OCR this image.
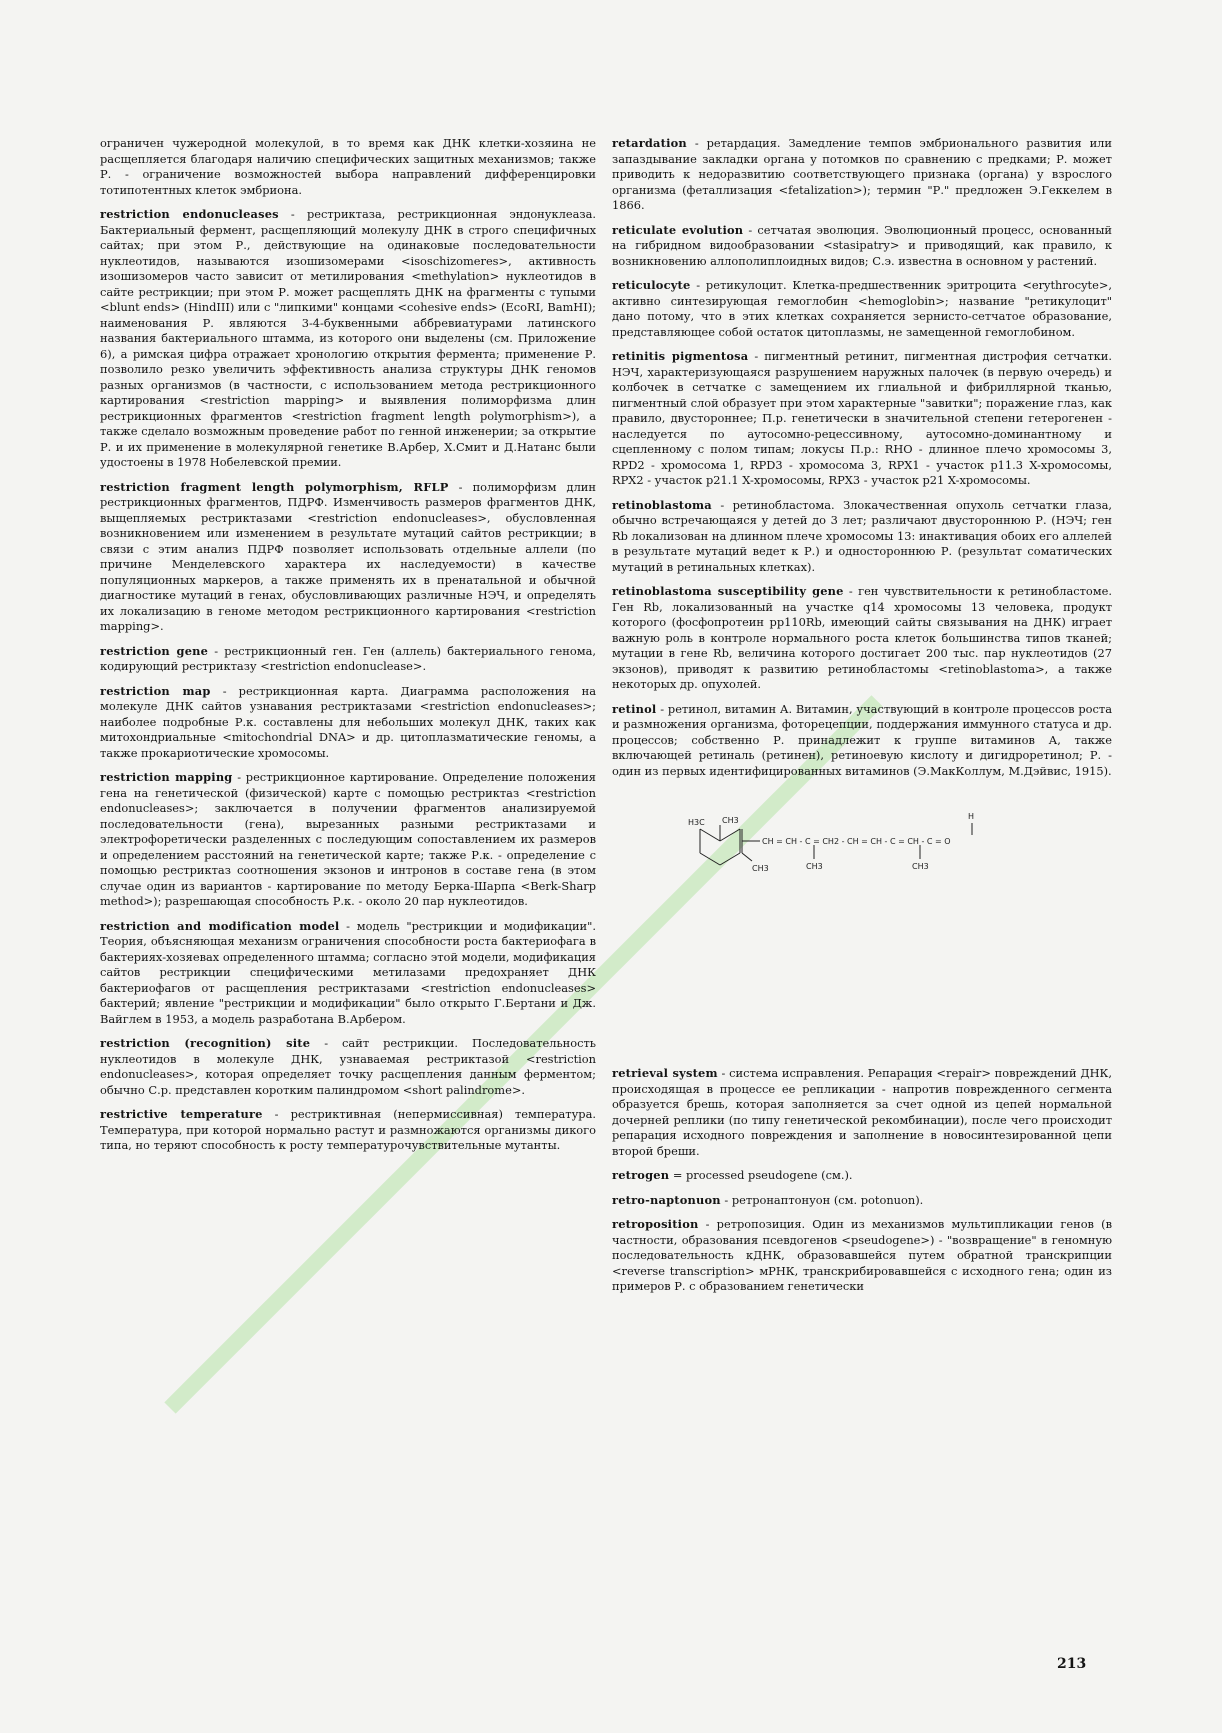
ограничен чужеродной молекулой, в то время как ДНК клетки-хозяина не расщепляется благодаря наличию специфических защитных механизмов; также Р. - ограничение возможностей выбора направлений дифференцировки тотипотентных клеток эмбриона.

restriction endonucleases - рестриктаза, рестрикционная эндонуклеаза. Бактериальный фермент, расщепляющий молекулу ДНК в строго специфичных сайтах; при этом Р., действующие на одинаковые последовательности нуклеотидов, называются изошизомерами <isoschizomeres>, активность изошизомеров часто зависит от метилирования <methylation> нуклеотидов в сайте рестрикции; при этом Р. может расщеплять ДНК на фрагменты с тупыми <blunt ends> (HindIII) или с "липкими" концами <cohesive ends> (EcoRI, BamHI); наименования Р. являются 3-4-буквенными аббревиатурами латинского названия бактериального штамма, из которого они выделены (см. Приложение 6), а римская цифра отражает хронологию открытия фермента; применение Р. позволило резко увеличить эффективность анализа структуры ДНК геномов разных организмов (в частности, с использованием метода рестрикционного картирования <restriction mapping> и выявления полиморфизма длин рестрикционных фрагментов <restriction fragment length polymorphism>), а также сделало возможным проведение работ по генной инженерии; за открытие Р. и их применение в молекулярной генетике В.Арбер, Х.Смит и Д.Натанс были удостоены в 1978 Нобелевской премии.

restriction fragment length polymorphism, RFLP - полиморфизм длин рестрикционных фрагментов, ПДРФ. Изменчивость размеров фрагментов ДНК, выщепляемых рестриктазами <restriction endonucleases>, обусловленная возникновением или изменением в результате мутаций сайтов рестрикции; в связи с этим анализ ПДРФ позволяет использовать отдельные аллели (по причине Менделевского характера их наследуемости) в качестве популяционных маркеров, а также применять их в пренатальной и обычной диагностике мутаций в генах, обусловливающих различные НЭЧ, и определять их локализацию в геноме методом рестрикционного картирования <restriction mapping>.

restriction gene - рестрикционный ген. Ген (аллель) бактериального генома, кодирующий рестриктазу <restriction endonuclease>.

restriction map - рестрикционная карта. Диаграмма расположения на молекуле ДНК сайтов узнавания рестриктазами <restriction endonucleases>; наиболее подробные Р.к. составлены для небольших молекул ДНК, таких как митохондриальные <mitochondrial DNA> и др. цитоплазматические геномы, а также прокариотические хромосомы.

restriction mapping - рестрикционное картирование. Определение положения гена на генетической (физической) карте с помощью рестриктаз <restriction endonucleases>; заключается в получении фрагментов анализируемой последовательности (гена), вырезанных разными рестриктазами и электрофоретически разделенных с последующим сопоставлением их размеров и определением расстояний на генетической карте; также Р.к. - определение с помощью рестриктаз соотношения экзонов и интронов в составе гена (в этом случае один из вариантов - картирование по методу Берка-Шарпа <Berk-Sharp method>); разрешающая способность Р.к. - около 20 пар нуклеотидов.

restriction and modification model - модель "рестрикции и модификации". Теория, объясняющая механизм ограничения способности роста бактериофага в бактериях-хозяевах определенного штамма; согласно этой модели, модификация сайтов рестрикции специфическими метилазами предохраняет ДНК бактериофагов от расщепления рестриктазами <restriction endonucleases> бактерий; явление "рестрикции и модификации" было открыто Г.Бертани и Дж. Вайглем в 1953, а модель разработана В.Арбером.

restriction (recognition) site - сайт рестрикции. Последовательность нуклеотидов в молекуле ДНК, узнаваемая рестриктазой <restriction endonucleases>, которая определяет точку расщепления данным ферментом; обычно С.р. представлен коротким палиндромом <short palindrome>.

restrictive temperature - рестриктивная (непермиссивная) температура. Температура, при которой нормально растут и размножаются организмы дикого типа, но теряют способность к росту температурочувствительные мутанты.

retardation - ретардация. Замедление темпов эмбрионального развития или запаздывание закладки органа у потомков по сравнению с предками; Р. может приводить к недоразвитию соответствующего признака (органа) у взрослого организма (феталлизация <fetalization>); термин "Р." предложен Э.Геккелем в 1866.

reticulate evolution - сетчатая эволюция. Эволюционный процесс, основанный на гибридном видообразовании <stasipatry> и приводящий, как правило, к возникновению аллополиплоидных видов; С.э. известна в основном у растений.

reticulocyte - ретикулоцит. Клетка-предшественник эритроцита <erythrocyte>, активно синтезирующая гемоглобин <hemoglobin>; название "ретикулоцит" дано потому, что в этих клетках сохраняется зернисто-сетчатое образование, представляющее собой остаток цитоплазмы, не замещенной гемоглобином.

retinitis pigmentosa - пигментный ретинит, пигментная дистрофия сетчатки. НЭЧ, характеризующаяся разрушением наружных палочек (в первую очередь) и колбочек в сетчатке с замещением их глиальной и фибриллярной тканью, пигментный слой образует при этом характерные "завитки"; поражение глаз, как правило, двустороннее; П.р. генетически в значительной степени гетерогенен - наследуется по аутосомно-рецессивному, аутосомно-доминантному и сцепленному с полом типам; локусы П.р.: RHO - длинное плечо хромосомы 3, RPD2 - хромосома 1, RPD3 - хромосома 3, RPX1 - участок p11.3 X-хромосомы, RPX2 - участок p21.1 X-хромосомы, RPX3 - участок p21 X-хромосомы.

retinoblastoma - ретинобластома. Злокачественная опухоль сетчатки глаза, обычно встречающаяся у детей до 3 лет; различают двустороннюю Р. (НЭЧ; ген Rb локализован на длинном плече хромосомы 13: инактивация обоих его аллелей в результате мутаций ведет к Р.) и одностороннюю Р. (результат соматических мутаций в ретинальных клетках).

retinoblastoma susceptibility gene - ген чувствительности к ретинобластоме. Ген Rb, локализованный на участке q14 хромосомы 13 человека, продукт которого (фосфопротеин pp110Rb, имеющий сайты связывания на ДНК) играет важную роль в контроле нормального роста клеток большинства типов тканей; мутации в гене Rb, величина которого достигает 200 тыс. пар нуклеотидов (27 экзонов), приводят к развитию ретинобластомы <retinoblastoma>, а также некоторых др. опухолей.

retinol - ретинол, витамин А. Витамин, участвующий в контроле процессов роста и размножения организма, фоторецепции, поддержания иммунного статуса и др. процессов; собственно Р. принадлежит к группе витаминов А, также включающей ретиналь (ретинен), ретиноевую кислоту и дигидроретинол; Р. - один из первых идентифицированных витаминов (Э.МакКоллум, М.Дэйвис, 1915).

H3C CH3
CH3
CH = CH - C = CH2 - CH = CH - C = CH - C = O
CH3	CH3
H

retrieval system - система исправления. Репарация <repair> повреждений ДНК, происходящая в процессе ее репликации - напротив поврежденного сегмента образуется брешь, которая заполняется за счет одной из цепей нормальной дочерней реплики (по типу генетической рекомбинации), после чего происходит репарация исходного повреждения и заполнение в новосинтезированной цепи второй бреши.

retrogen = processed pseudogene (см.).

retro-naptonuon - ретронаптонуон (см. potonuon).

retroposition - ретропозиция. Один из механизмов мультипликации генов (в частности, образования псевдогенов <pseudogene>) - "возвращение" в геномную последовательность кДНК, образовавшейся путем обратной транскрипции <reverse transcription> мРНК, транскрибировавшейся с исходного гена; один из примеров Р. с образованием генетически

213
